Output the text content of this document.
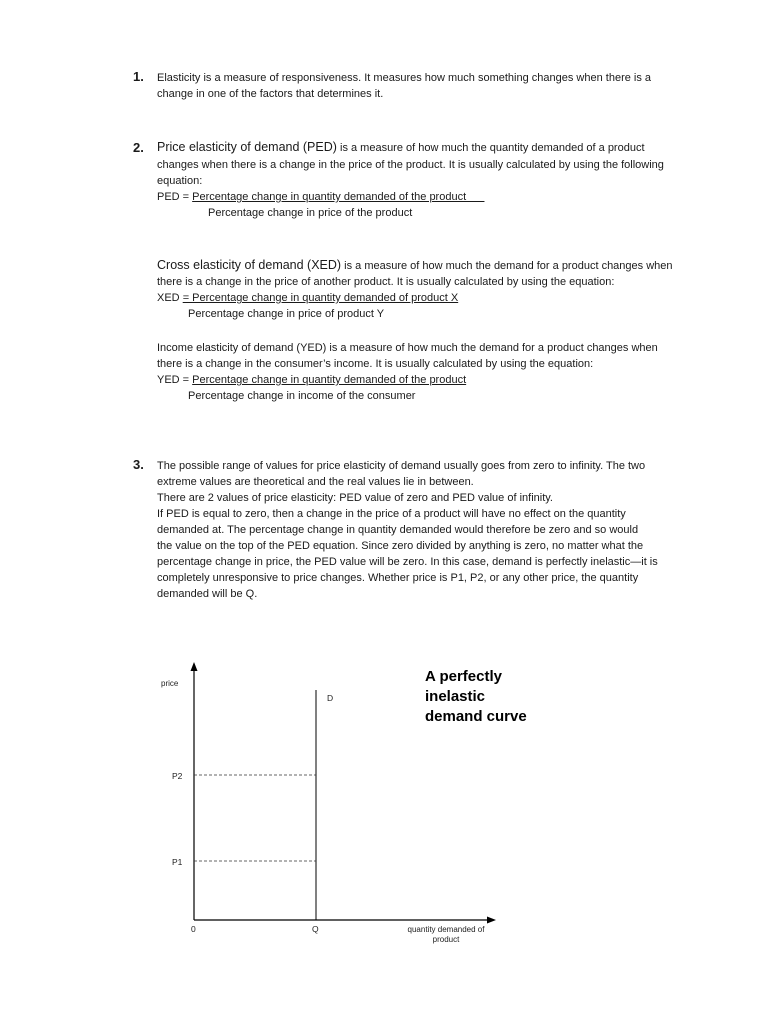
1. Elasticity is a measure of responsiveness. It measures how much something changes when there is a
change in one of the factors that determines it.
2. Price elasticity of demand (PED) is a measure of how much the quantity demanded of a product
changes when there is a change in the price of the product. It is usually calculated by using the following
equation:
PED = Percentage change in quantity demanded of the product
Percentage change in price of the product
Cross elasticity of demand (XED) is a measure of how much the demand for a product changes when
there is a change in the price of another product. It is usually calculated by using the equation:
XED = Percentage change in quantity demanded of product X
Percentage change in price of product Y
Income elasticity of demand (YED) is a measure of how much the demand for a product changes when
there is a change in the consumer’s income. It is usually calculated by using the equation:
YED = Percentage change in quantity demanded of the product
Percentage change in income of the consumer
3. The possible range of values for price elasticity of demand usually goes from zero to infinity. The two
extreme values are theoretical and the real values lie in between.
There are 2 values of price elasticity: PED value of zero and PED value of infinity.
If PED is equal to zero, then a change in the price of a product will have no effect on the quantity
demanded at. The percentage change in quantity demanded would therefore be zero and so would
the value on the top of the PED equation. Since zero divided by anything is zero, no matter what the
percentage change in price, the PED value will be zero. In this case, demand is perfectly inelastic—it is
completely unresponsive to price changes. Whether price is P1, P2, or any other price, the quantity
demanded will be Q.
price
D
P2
P1
0	Q	quantity demanded of
product
A perfectly
inelastic
demand curve
